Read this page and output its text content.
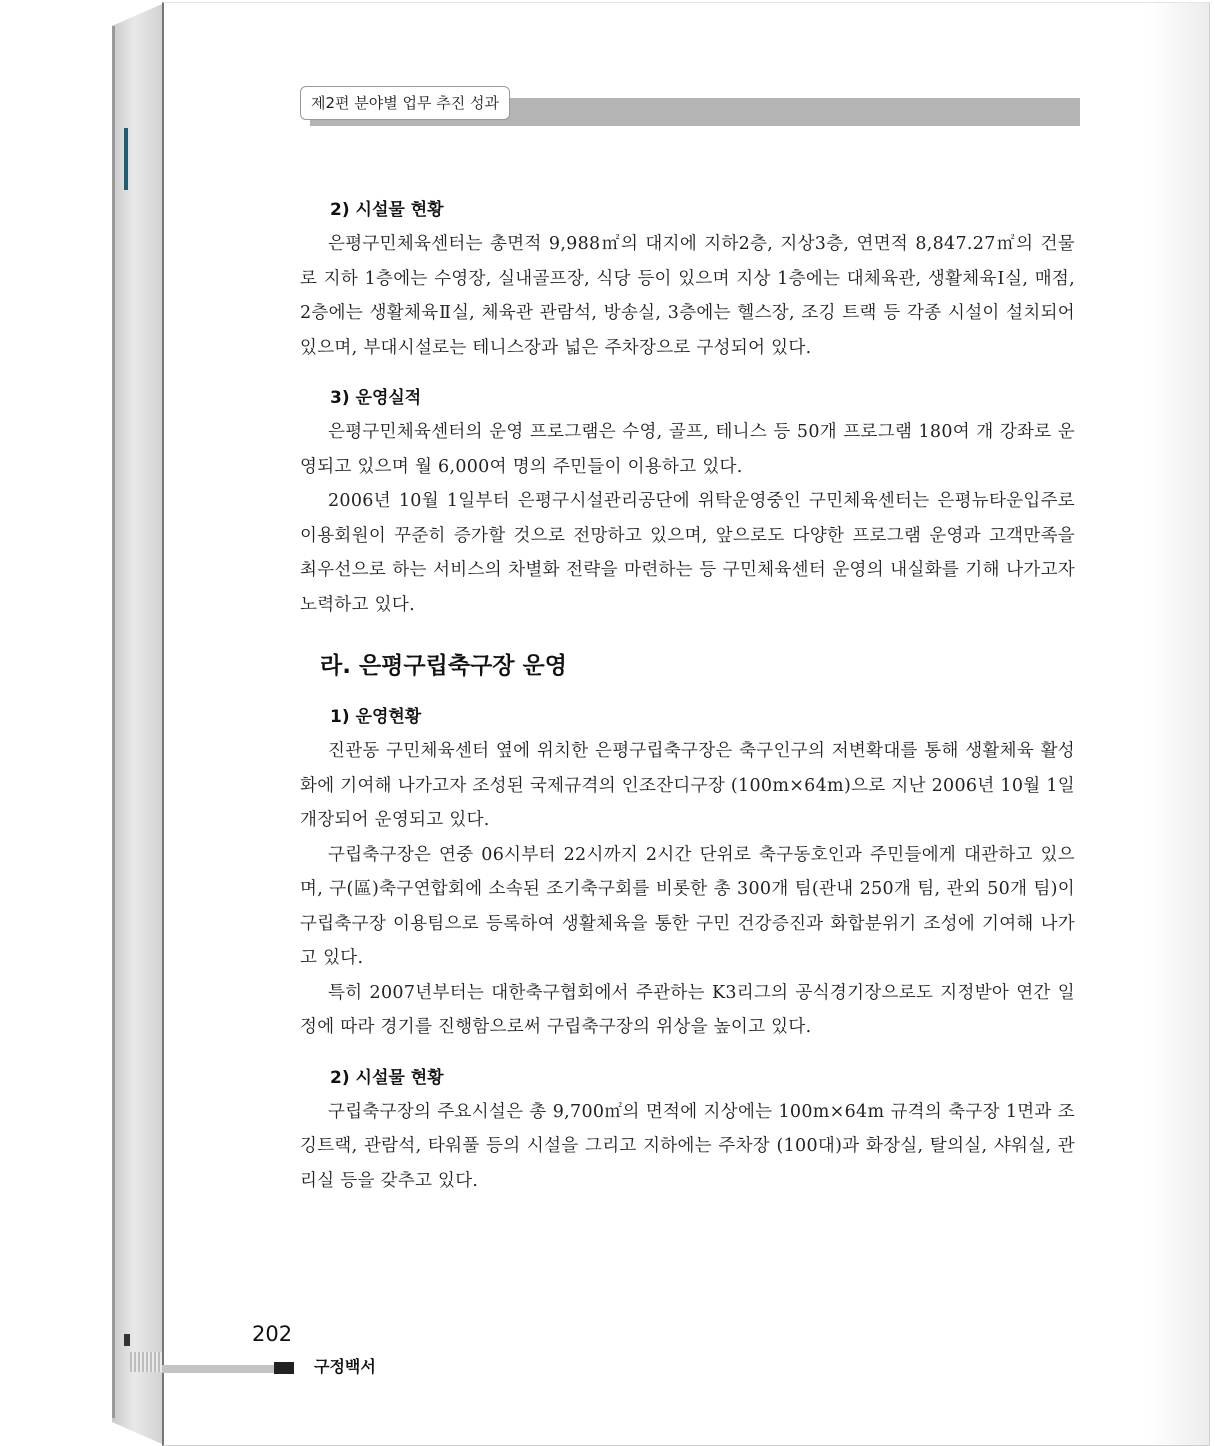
제2편 분야별 업무 추진 성과
2) 시설물 현황

은평구민체육센터는 총면적 9,988㎡의 대지에 지하2층, 지상3층, 연면적 8,847.27㎡의 건물로 지하 1층에는 수영장, 실내골프장, 식당 등이 있으며 지상 1층에는 대체육관, 생활체육Ⅰ실, 매점, 2층에는 생활체육Ⅱ실, 체육관 관람석, 방송실, 3층에는 헬스장, 조깅 트랙 등 각종 시설이 설치되어 있으며, 부대시설로는 테니스장과 넓은 주차장으로 구성되어 있다.

3) 운영실적

은평구민체육센터의 운영 프로그램은 수영, 골프, 테니스 등 50개 프로그램 180여 개 강좌로 운영되고 있으며 월 6,000여 명의 주민들이 이용하고 있다.

2006년 10월 1일부터 은평구시설관리공단에 위탁운영중인 구민체육센터는 은평뉴타운입주로 이용회원이 꾸준히 증가할 것으로 전망하고 있으며, 앞으로도 다양한 프로그램 운영과 고객만족을 최우선으로 하는 서비스의 차별화 전략을 마련하는 등 구민체육센터 운영의 내실화를 기해 나가고자 노력하고 있다.

라. 은평구립축구장 운영
1) 운영현황

진관동 구민체육센터 옆에 위치한 은평구립축구장은 축구인구의 저변확대를 통해 생활체육 활성화에 기여해 나가고자 조성된 국제규격의 인조잔디구장 (100m×64m)으로 지난 2006년 10월 1일 개장되어 운영되고 있다.

구립축구장은 연중 06시부터 22시까지 2시간 단위로 축구동호인과 주민들에게 대관하고 있으며, 구(區)축구연합회에 소속된 조기축구회를 비롯한 총 300개 팀(관내 250개 팀, 관외 50개 팀)이 구립축구장 이용팀으로 등록하여 생활체육을 통한 구민 건강증진과 화합분위기 조성에 기여해 나가고 있다.

특히 2007년부터는 대한축구협회에서 주관하는 K3리그의 공식경기장으로도 지정받아 연간 일정에 따라 경기를 진행함으로써 구립축구장의 위상을 높이고 있다.

2) 시설물 현황

구립축구장의 주요시설은 총 9,700㎡의 면적에 지상에는 100m×64m 규격의 축구장 1면과 조깅트랙, 관람석, 타워풀 등의 시설을 그리고 지하에는 주차장 (100대)과 화장실, 탈의실, 샤워실, 관리실 등을 갖추고 있다.

202
구정백서
